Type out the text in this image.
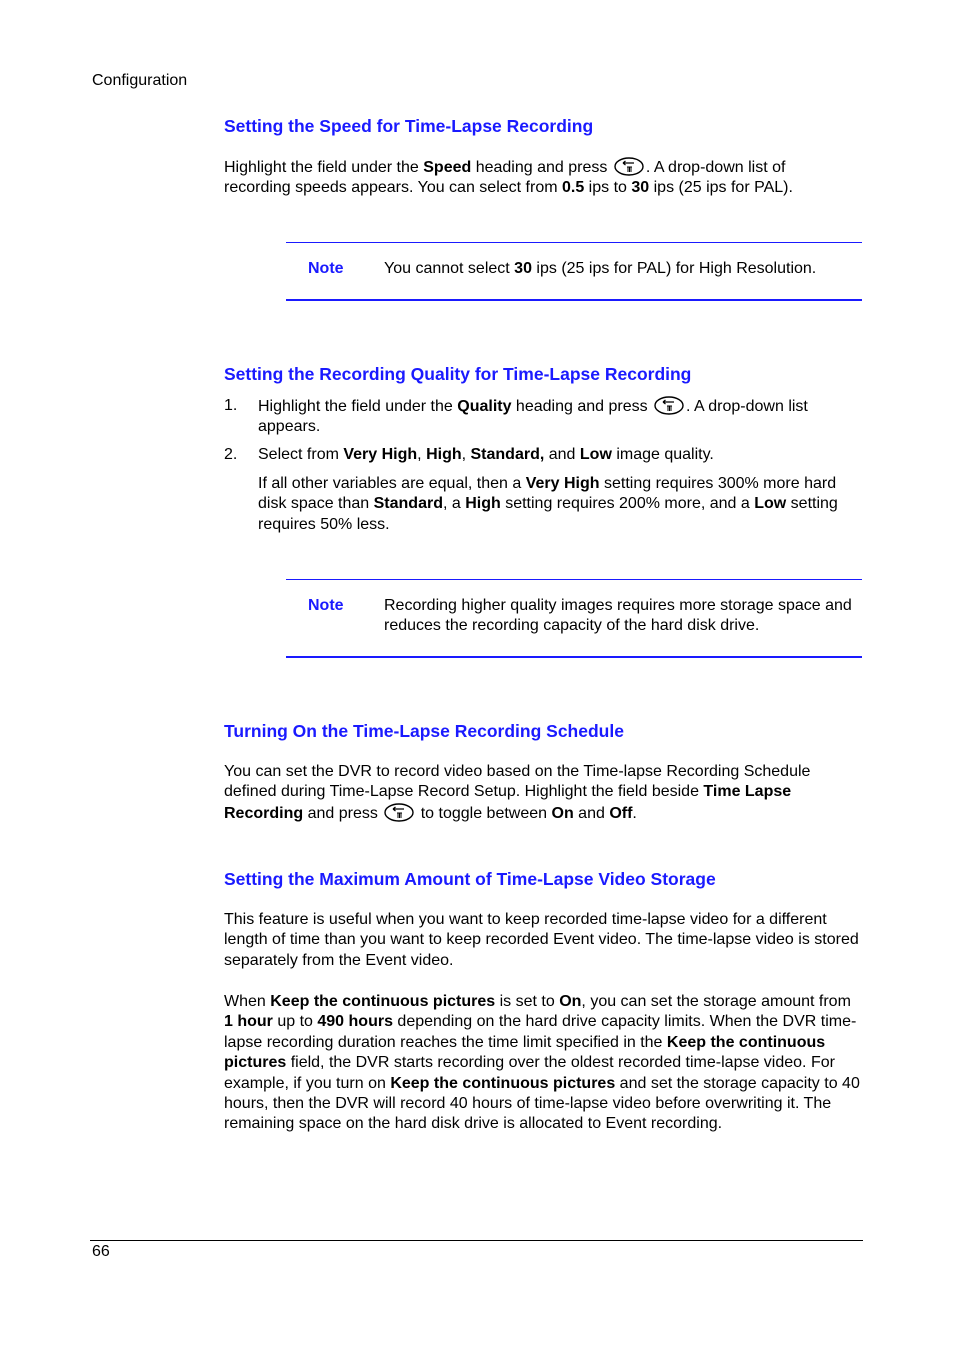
Configuration
Setting the Speed for Time-Lapse Recording
Highlight the field under the Speed heading and press
. A drop-down list of
recording speeds appears. You can select from 0.5 ips to 30 ips (25 ips for PAL).
Note	You cannot select 30 ips (25 ips for PAL) for High Resolution.
Setting the Recording Quality for Time-Lapse Recording
1. Highlight the field under the Quality heading and press
. A drop-down list
appears.
2. Select from Very High, High, Standard, and Low image quality.
If all other variables are equal, then a Very High setting requires 300% more hard disk space than Standard, a High setting requires 200% more, and a Low setting requires 50% less.
Note	Recording higher quality images requires more storage space and reduces the recording capacity of the hard disk drive.
Turning On the Time-Lapse Recording Schedule
You can set the DVR to record video based on the Time-lapse Recording Schedule defined during Time-Lapse Record Setup. Highlight the field beside Time Lapse Recording and press
to toggle between On and Off.
Setting the Maximum Amount of Time-Lapse Video Storage
This feature is useful when you want to keep recorded time-lapse video for a different length of time than you want to keep recorded Event video. The time-lapse video is stored separately from the Event video.
When Keep the continuous pictures is set to On, you can set the storage amount from 1 hour up to 490 hours depending on the hard drive capacity limits. When the DVR time-lapse recording duration reaches the time limit specified in the Keep the continuous pictures field, the DVR starts recording over the oldest recorded time-lapse video. For example, if you turn on Keep the continuous pictures and set the storage capacity to 40 hours, then the DVR will record 40 hours of time-lapse video before overwriting it. The remaining space on the hard disk drive is allocated to Event recording.
66
